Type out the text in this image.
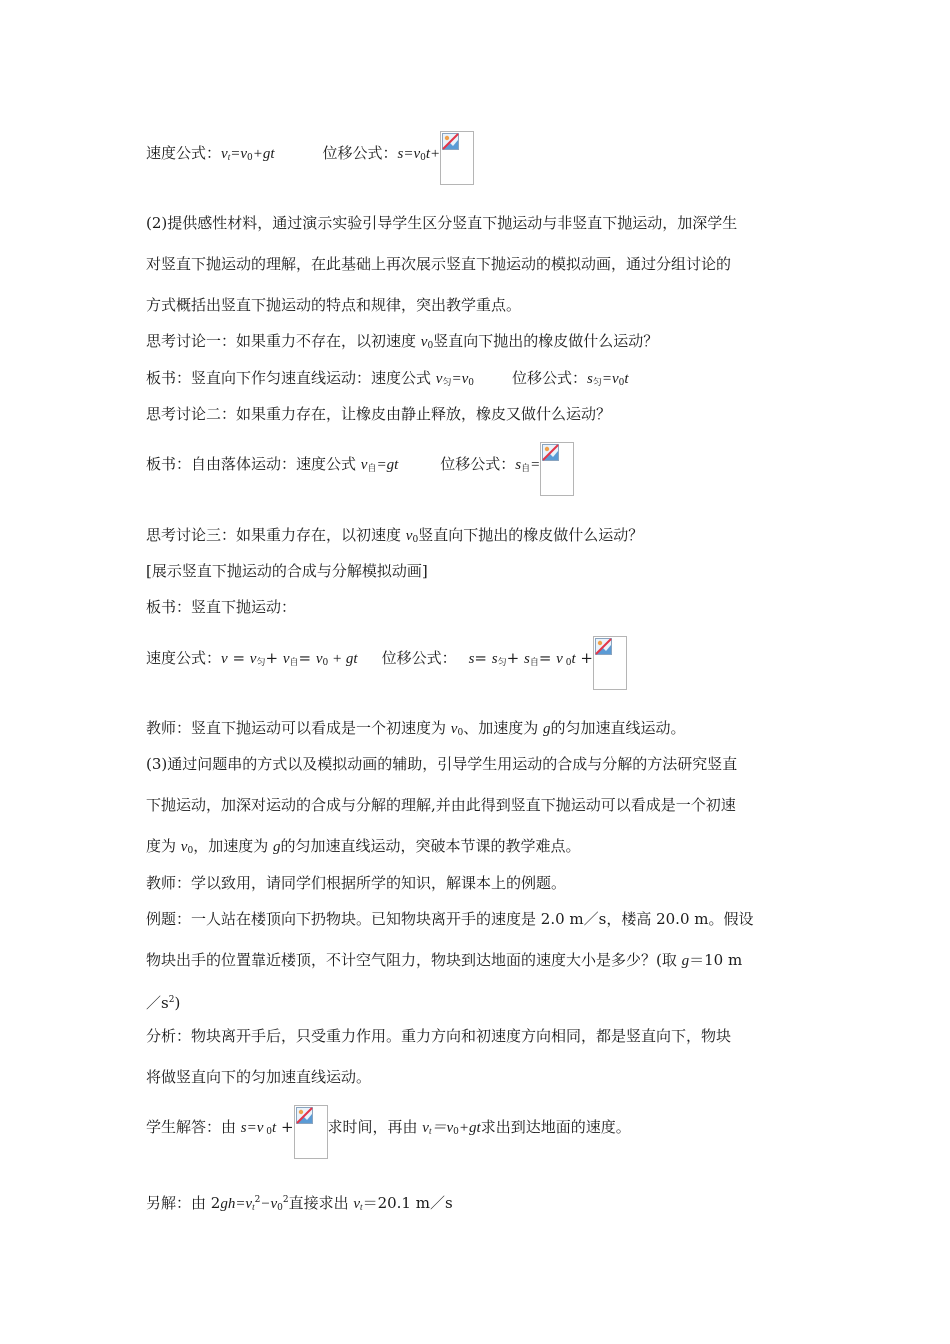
速度公式：$v_t=v_0+gt$	位移公式：$s=v_0t+$
(2)提供感性材料，通过演示实验引导学生区分竖直下抛运动与非竖直下抛运动，加深学生
对竖直下抛运动的理解，在此基础上再次展示竖直下抛运动的模拟动画，通过分组讨论的
方式概括出竖直下抛运动的特点和规律，突出教学重点。
思考讨论一：如果重力不存在，以初速度 $v_0$竖直向下抛出的橡皮做什么运动？
板书：竖直向下作匀速直线运动：速度公式 $v_匀=v_0$	位移公式：$s_匀=v_0t$
思考讨论二：如果重力存在，让橡皮由静止释放，橡皮又做什么运动？
板书：自由落体运动：速度公式 $v_自=gt$	位移公式：$s_自=$
思考讨论三：如果重力存在，以初速度 $v_0$竖直向下抛出的橡皮做什么运动？
[展示竖直下抛运动的合成与分解模拟动画]
板书：竖直下抛运动：
速度公式：$v = v_匀+ v_自= v_0$ + gt 位移公式： $s= s_匀+ s_自= v$ $_0$t +
教师：竖直下抛运动可以看成是一个初速度为 $v_0$、加速度为 g的匀加速直线运动。
(3)通过问题串的方式以及模拟动画的辅助，引导学生用运动的合成与分解的方法研究竖直
下抛运动，加深对运动的合成与分解的理解,并由此得到竖直下抛运动可以看成是一个初速
度为 $v_0$，加速度为 g的匀加速直线运动，突破本节课的教学难点。
教师：学以致用，请同学们根据所学的知识，解课本上的例题。
例题：一人站在楼顶向下扔物块。已知物块离开手的速度是 2.0 m／s，楼高 20.0 m。假设
物块出手的位置靠近楼顶，不计空气阻力，物块到达地面的速度大小是多少？(取 g＝10 m
$/s^2$)
分析：物块离开手后，只受重力作用。重力方向和初速度方向相同，都是竖直向下，物块
将做竖直向下的匀加速直线运动。
学生解答：由 s=v $_0$t + 求时间，再由 $v_t=v_0+gt$求出到达地面的速度。
另解：由 $2gh=v_t^2-v_0^2$直接求出 $v_t=20.1$ m／s
